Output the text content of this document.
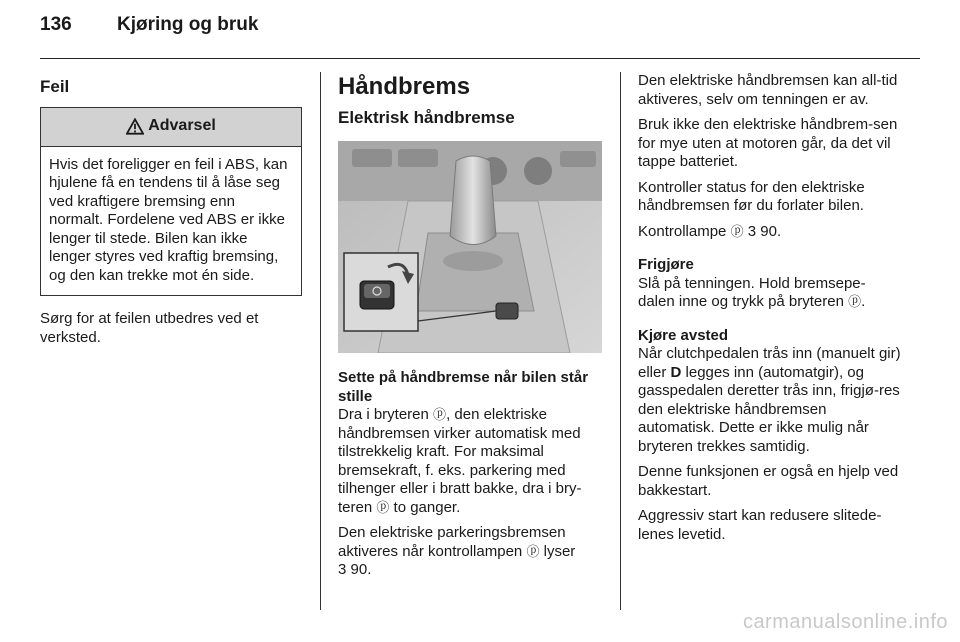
136 Kjøring og bruk
Feil
Advarsel
Hvis det foreligger en feil i ABS, kan hjulene få en tendens til å låse seg ved kraftigere bremsing enn normalt. Fordelene ved ABS er ikke lenger til stede. Bilen kan ikke lenger styres ved kraftig bremsing, og den kan trekke mot én side.

Sørg for at feilen utbedres ved et verksted.

Håndbrems
Elektrisk håndbremse
Sette på håndbremse når bilen står stille

Dra i bryteren ⓟ, den elektriske håndbremsen virker automatisk med tilstrekkelig kraft. For maksimal bremsekraft, f. eks. parkering med tilhenger eller i bratt bakke, dra i bry-teren ⓟ to ganger.

Den elektriske parkeringsbremsen aktiveres når kontrollampen ⓟ lyser
3 90.

Den elektriske håndbremsen kan all-tid aktiveres, selv om tenningen er av.

Bruk ikke den elektriske håndbrem-sen for mye uten at motoren går, da det vil tappe batteriet.

Kontroller status for den elektriske håndbremsen før du forlater bilen.

Kontrollampe ⓟ 3 90.

Frigjøre

Slå på tenningen. Hold bremsepe-dalen inne og trykk på bryteren ⓟ.

Kjøre avsted

Når clutchpedalen trås inn (manuelt gir) eller D legges inn (automatgir), og gasspedalen deretter trås inn, frigjø-res den elektriske håndbremsen automatisk. Dette er ikke mulig når bryteren trekkes samtidig.

Denne funksjonen er også en hjelp ved bakkestart.

Aggressiv start kan redusere slitede-lenes levetid.

carmanualsonline.info
